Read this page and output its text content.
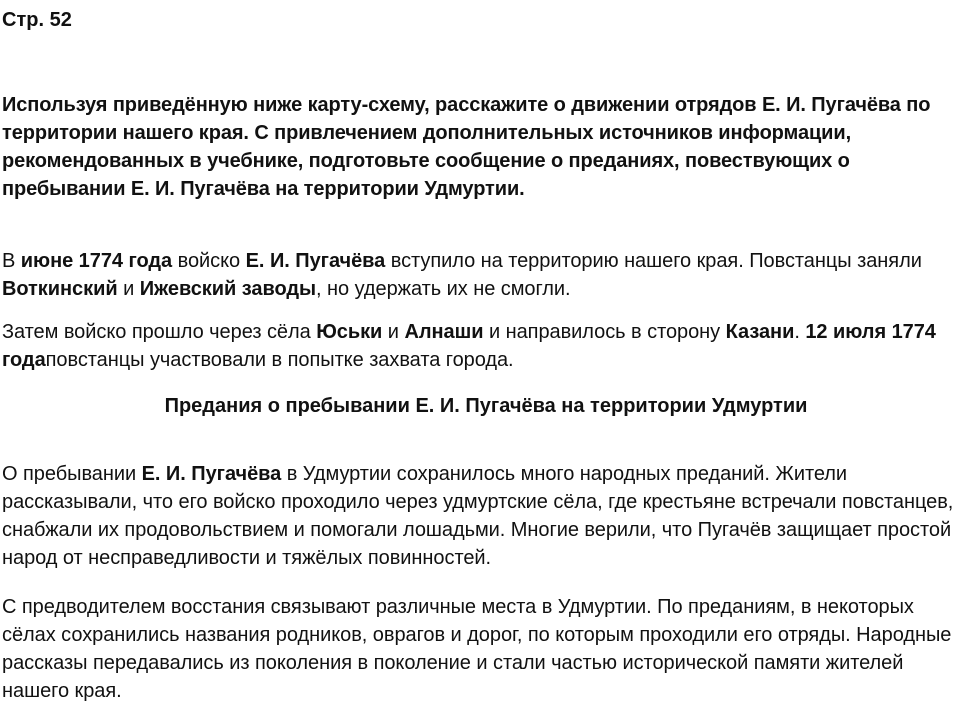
Стр. 52
Используя приведённую ниже карту-схему, расскажите о движении отрядов Е. И. Пугачёва по территории нашего края. С привлечением дополнительных источников информации, рекомендованных в учебнике, подготовьте сообщение о преданиях, повествующих о пребывании Е. И. Пугачёва на территории Удмуртии.
В июне 1774 года войско Е. И. Пугачёва вступило на территорию нашего края. Повстанцы заняли Воткинский и Ижевский заводы, но удержать их не смогли.
Затем войско прошло через сёла Юськи и Алнаши и направилось в сторону Казани. 12 июля 1774 годаповстанцы участвовали в попытке захвата города.
Предания о пребывании Е. И. Пугачёва на территории Удмуртии
О пребывании Е. И. Пугачёва в Удмуртии сохранилось много народных преданий. Жители рассказывали, что его войско проходило через удмуртские сёла, где крестьяне встречали повстанцев, снабжали их продовольствием и помогали лошадьми. Многие верили, что Пугачёв защищает простой народ от несправедливости и тяжёлых повинностей.
С предводителем восстания связывают различные места в Удмуртии. По преданиям, в некоторых сёлах сохранились названия родников, оврагов и дорог, по которым проходили его отряды. Народные рассказы передавались из поколения в поколение и стали частью исторической памяти жителей нашего края.
